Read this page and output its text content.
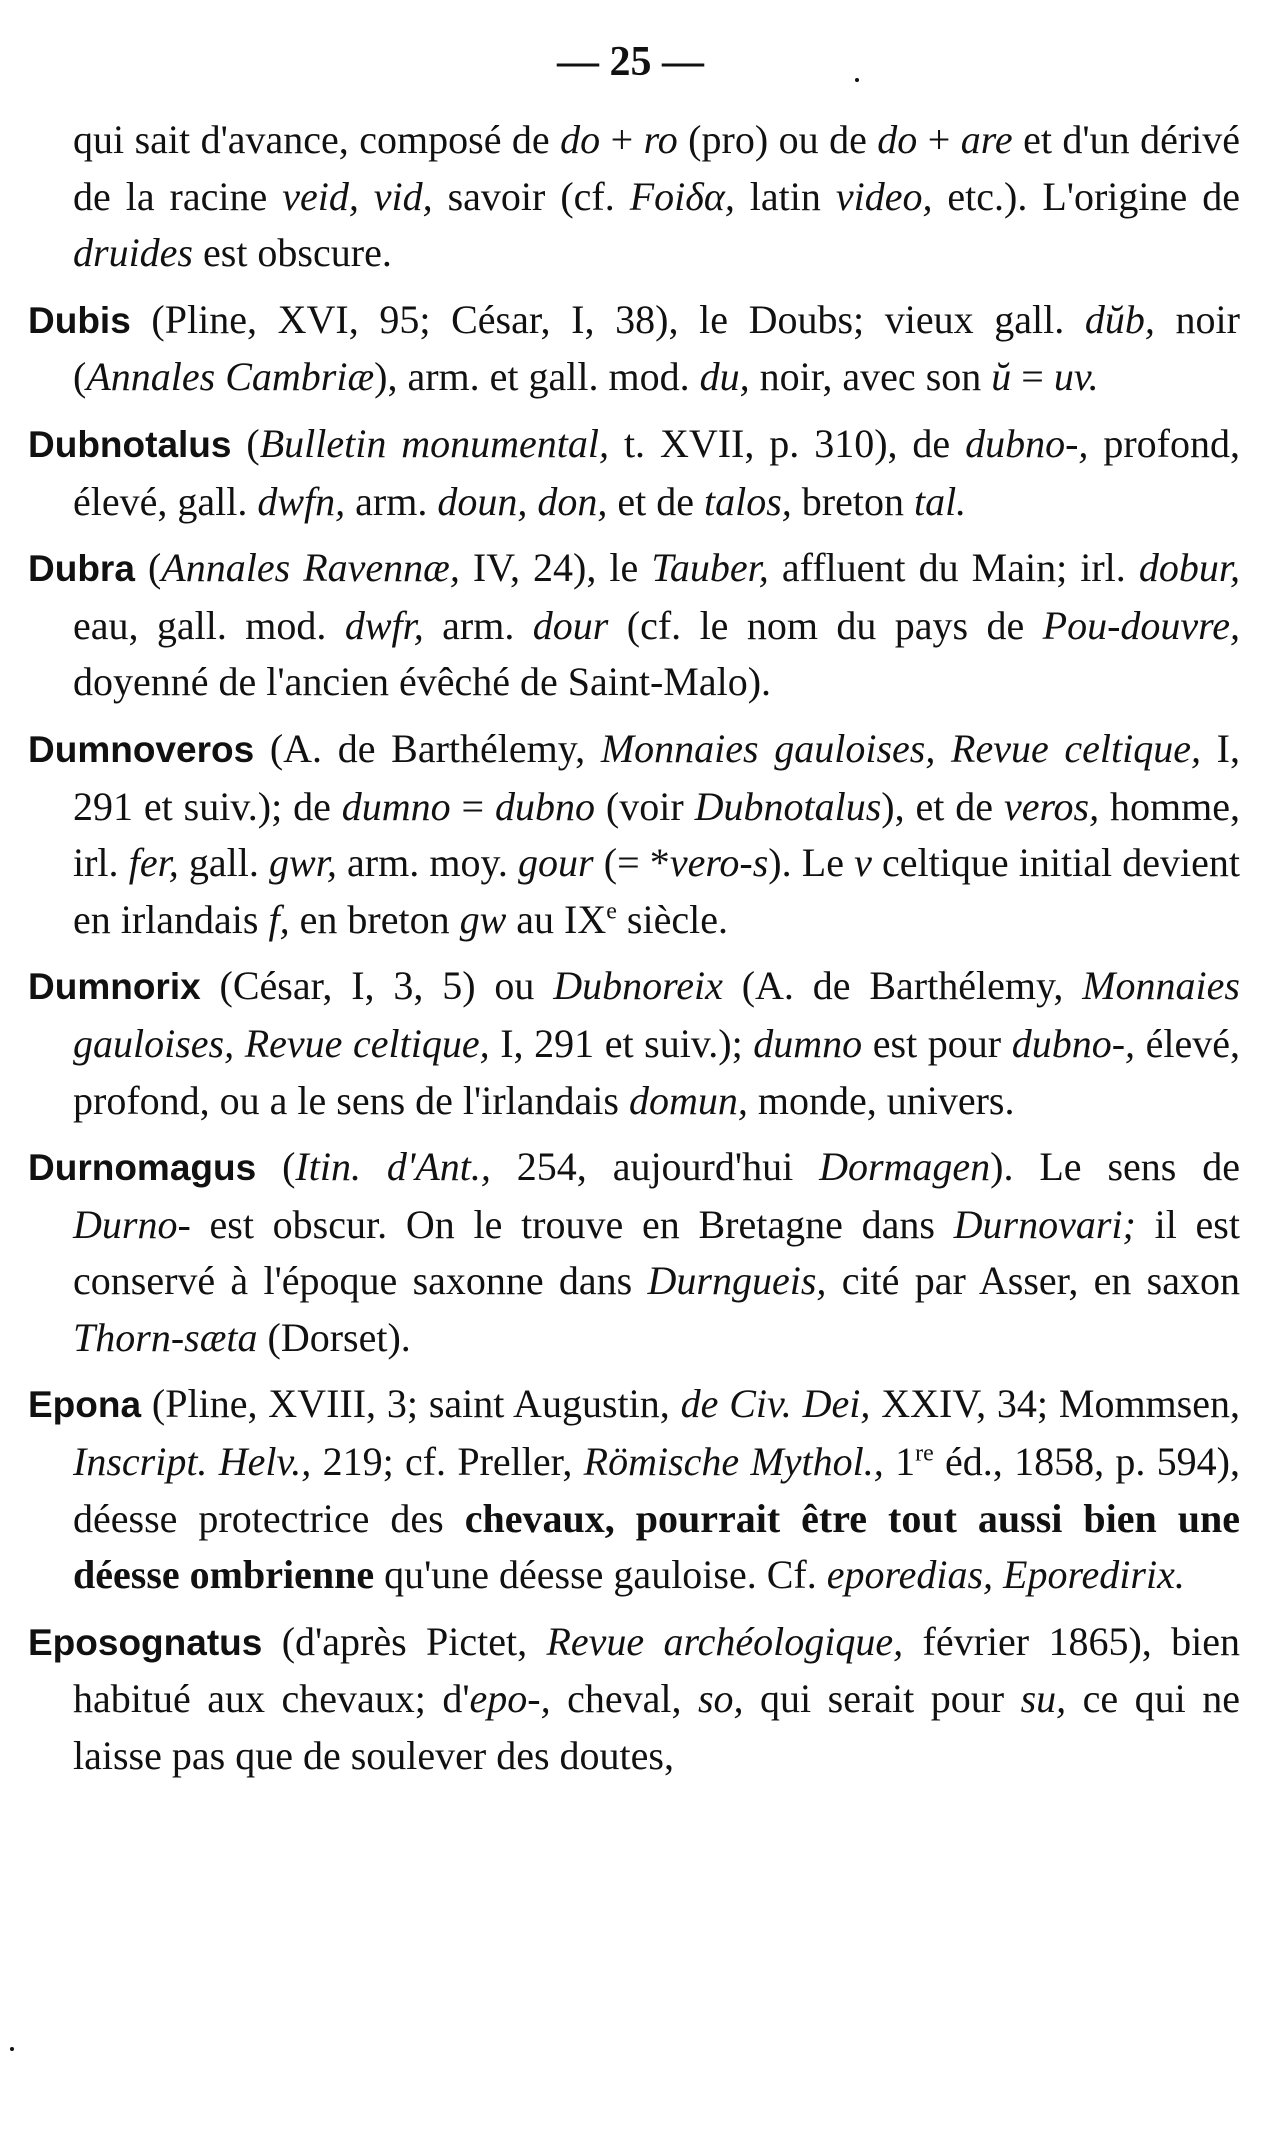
— 25 —

qui sait d'avance, composé de do + ro (pro) ou de do + are et d'un dérivé de la racine veid, vid, savoir (cf. Foiδα, latin video, etc.). L'origine de druides est obscure.

Dubis (Pline, XVI, 95; César, I, 38), le Doubs; vieux gall. dŭb, noir (Annales Cambriæ), arm. et gall. mod. du, noir, avec son ŭ = uv.

Dubnotalus (Bulletin monumental, t. XVII, p. 310), de dubno-, profond, élevé, gall. dwfn, arm. doun, don, et de talos, breton tal.

Dubra (Annales Ravennæ, IV, 24), le Tauber, affluent du Main; irl. dobur, eau, gall. mod. dwfr, arm. dour (cf. le nom du pays de Pou-douvre, doyenné de l'ancien évêché de Saint-Malo).

Dumnoveros (A. de Barthélemy, Monnaies gauloises, Revue celtique, I, 291 et suiv.); de dumno = dubno (voir Dubnotalus), et de veros, homme, irl. fer, gall. gwr, arm. moy. gour (= *vero-s). Le v celtique initial devient en irlandais f, en breton gw au IXe siècle.

Dumnorix (César, I, 3, 5) ou Dubnoreix (A. de Barthélemy, Monnaies gauloises, Revue celtique, I, 291 et suiv.); dumno est pour dubno-, élevé, profond, ou a le sens de l'irlandais domun, monde, univers.

Durnomagus (Itin. d'Ant., 254, aujourd'hui Dormagen). Le sens de Durno- est obscur. On le trouve en Bretagne dans Durnovari; il est conservé à l'époque saxonne dans Durngueis, cité par Asser, en saxon Thorn-sæta (Dorset).

Epona (Pline, XVIII, 3; saint Augustin, de Civ. Dei, XXIV, 34; Mommsen, Inscript. Helv., 219; cf. Preller, Römische Mythol., 1re éd., 1858, p. 594), déesse protectrice des chevaux, pourrait être tout aussi bien une déesse ombrienne qu'une déesse gauloise. Cf. eporedias, Eporedirix.

Eposognatus (d'après Pictet, Revue archéologique, février 1865), bien habitué aux chevaux; d'epo-, cheval, so, qui serait pour su, ce qui ne laisse pas que de soulever des doutes,
